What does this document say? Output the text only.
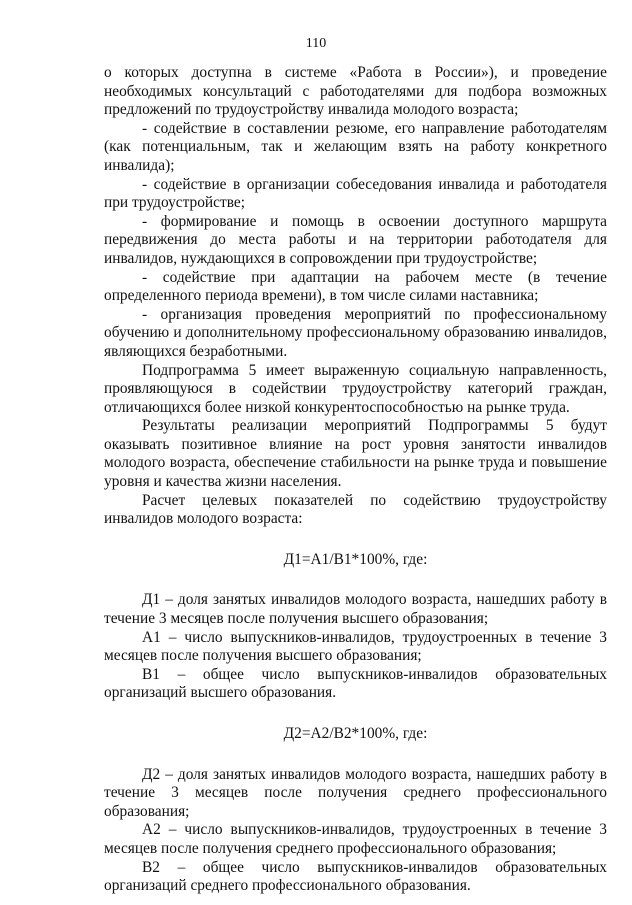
110

о которых доступна в системе «Работа в России»), и проведение необходимых консультаций с работодателями для подбора возможных предложений по трудоустройству инвалида молодого возраста;

- содействие в составлении резюме, его направление работодателям (как потенциальным, так и желающим взять на работу конкретного инвалида);

- содействие в организации собеседования инвалида и работодателя при трудоустройстве;

- формирование и помощь в освоении доступного маршрута передвижения до места работы и на территории работодателя для инвалидов, нуждающихся в сопровождении при трудоустройстве;

- содействие при адаптации на рабочем месте (в течение определенного периода времени), в том числе силами наставника;

- организация проведения мероприятий по профессиональному обучению и дополнительному профессиональному образованию инвалидов, являющихся безработными.

Подпрограмма 5 имеет выраженную социальную направленность, проявляющуюся в содействии трудоустройству категорий граждан, отличающихся более низкой конкурентоспособностью на рынке труда.

Результаты реализации мероприятий Подпрограммы 5 будут оказывать позитивное влияние на рост уровня занятости инвалидов молодого возраста, обеспечение стабильности на рынке труда и повышение уровня и качества жизни населения.

Расчет целевых показателей по содействию трудоустройству инвалидов молодого возраста:

Д1=А1/В1*100%, где:

Д1 – доля занятых инвалидов молодого возраста, нашедших работу в течение 3 месяцев после получения высшего образования;

А1 – число выпускников-инвалидов, трудоустроенных в течение 3 месяцев после получения высшего образования;

В1 – общее число выпускников-инвалидов образовательных организаций высшего образования.

Д2=А2/В2*100%, где:

Д2 – доля занятых инвалидов молодого возраста, нашедших работу в течение 3 месяцев после получения среднего профессионального образования;

А2 – число выпускников-инвалидов, трудоустроенных в течение 3 месяцев после получения среднего профессионального образования;

В2 – общее число выпускников-инвалидов образовательных организаций среднего профессионального образования.
